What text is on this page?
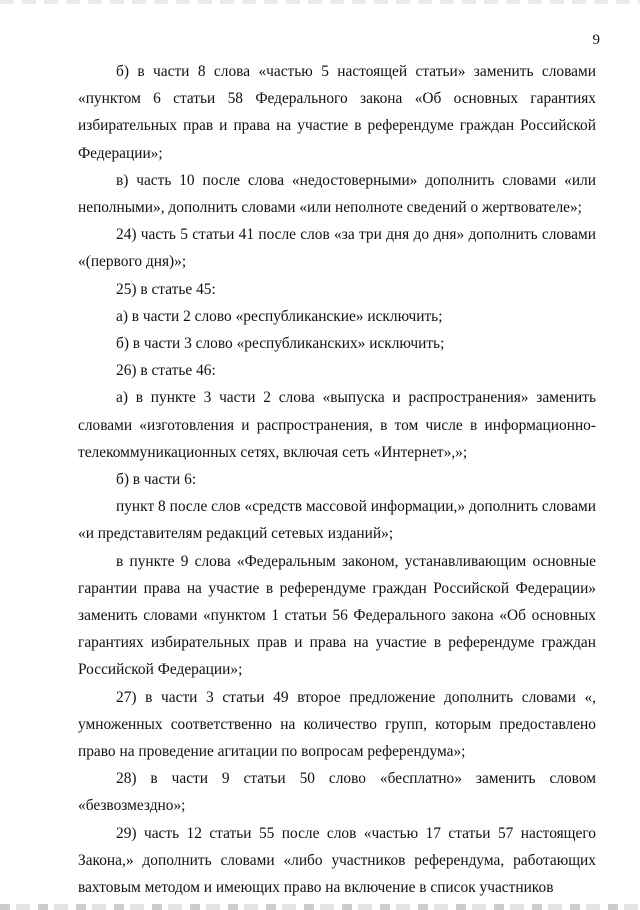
9

б) в части 8 слова «частью 5 настоящей статьи» заменить словами «пунктом 6 статьи 58 Федерального закона «Об основных гарантиях избирательных прав и права на участие в референдуме граждан Российской Федерации»;

в) часть 10 после слова «недостоверными» дополнить словами «или неполными», дополнить словами «или неполноте сведений о жертвователе»;

24) часть 5 статьи 41 после слов «за три дня до дня» дополнить словами «(первого дня)»;

25) в статье 45:

а) в части 2 слово «республиканские» исключить;

б) в части 3 слово «республиканских» исключить;

26) в статье 46:

а) в пункте 3 части 2 слова «выпуска и распространения» заменить словами «изготовления и распространения, в том числе в информационно-телекоммуникационных сетях, включая сеть «Интернет»,»;

б) в части 6:

пункт 8 после слов «средств массовой информации,» дополнить словами «и представителям редакций сетевых изданий»;

в пункте 9 слова «Федеральным законом, устанавливающим основные гарантии права на участие в референдуме граждан Российской Федерации» заменить словами «пунктом 1 статьи 56 Федерального закона «Об основных гарантиях избирательных прав и права на участие в референдуме граждан Российской Федерации»;

27) в части 3 статьи 49 второе предложение дополнить словами «, умноженных соответственно на количество групп, которым предоставлено право на проведение агитации по вопросам референдума»;

28) в части 9 статьи 50 слово «бесплатно» заменить словом «безвозмездно»;

29) часть 12 статьи 55 после слов «частью 17 статьи 57 настоящего Закона,» дополнить словами «либо участников референдума, работающих вахтовым методом и имеющих право на включение в список участников
